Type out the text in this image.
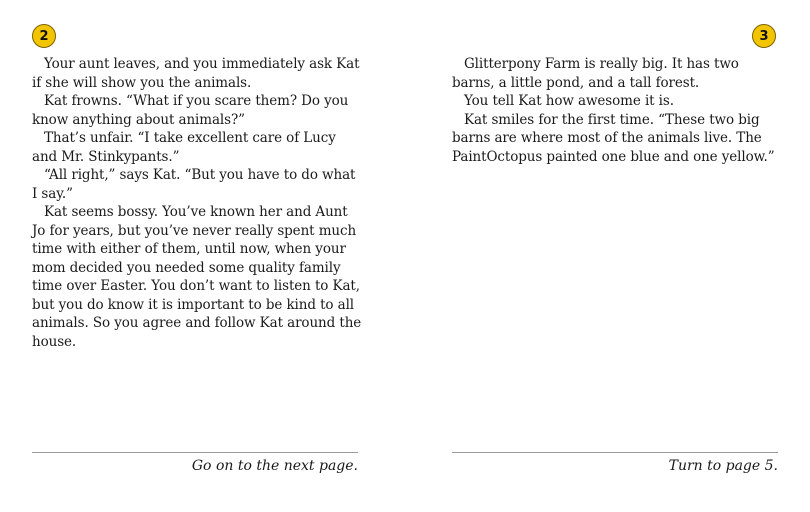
2

Your aunt leaves, and you immediately ask Kat if she will show you the animals.

Kat frowns. “What if you scare them? Do you know anything about animals?”

That’s unfair. “I take excellent care of Lucy and Mr. Stinkypants.”

“All right,” says Kat. “But you have to do what I say.”

Kat seems bossy. You’ve known her and Aunt Jo for years, but you’ve never really spent much time with either of them, until now, when your mom decided you needed some quality family time over Easter. You don’t want to listen to Kat, but you do know it is important to be kind to all animals. So you agree and follow Kat around the house.

Go on to the next page.
3

Glitterpony Farm is really big. It has two barns, a little pond, and a tall forest.

You tell Kat how awesome it is.

Kat smiles for the first time. “These two big barns are where most of the animals live. The PaintOctopus painted one blue and one yellow.”

Turn to page 5.
